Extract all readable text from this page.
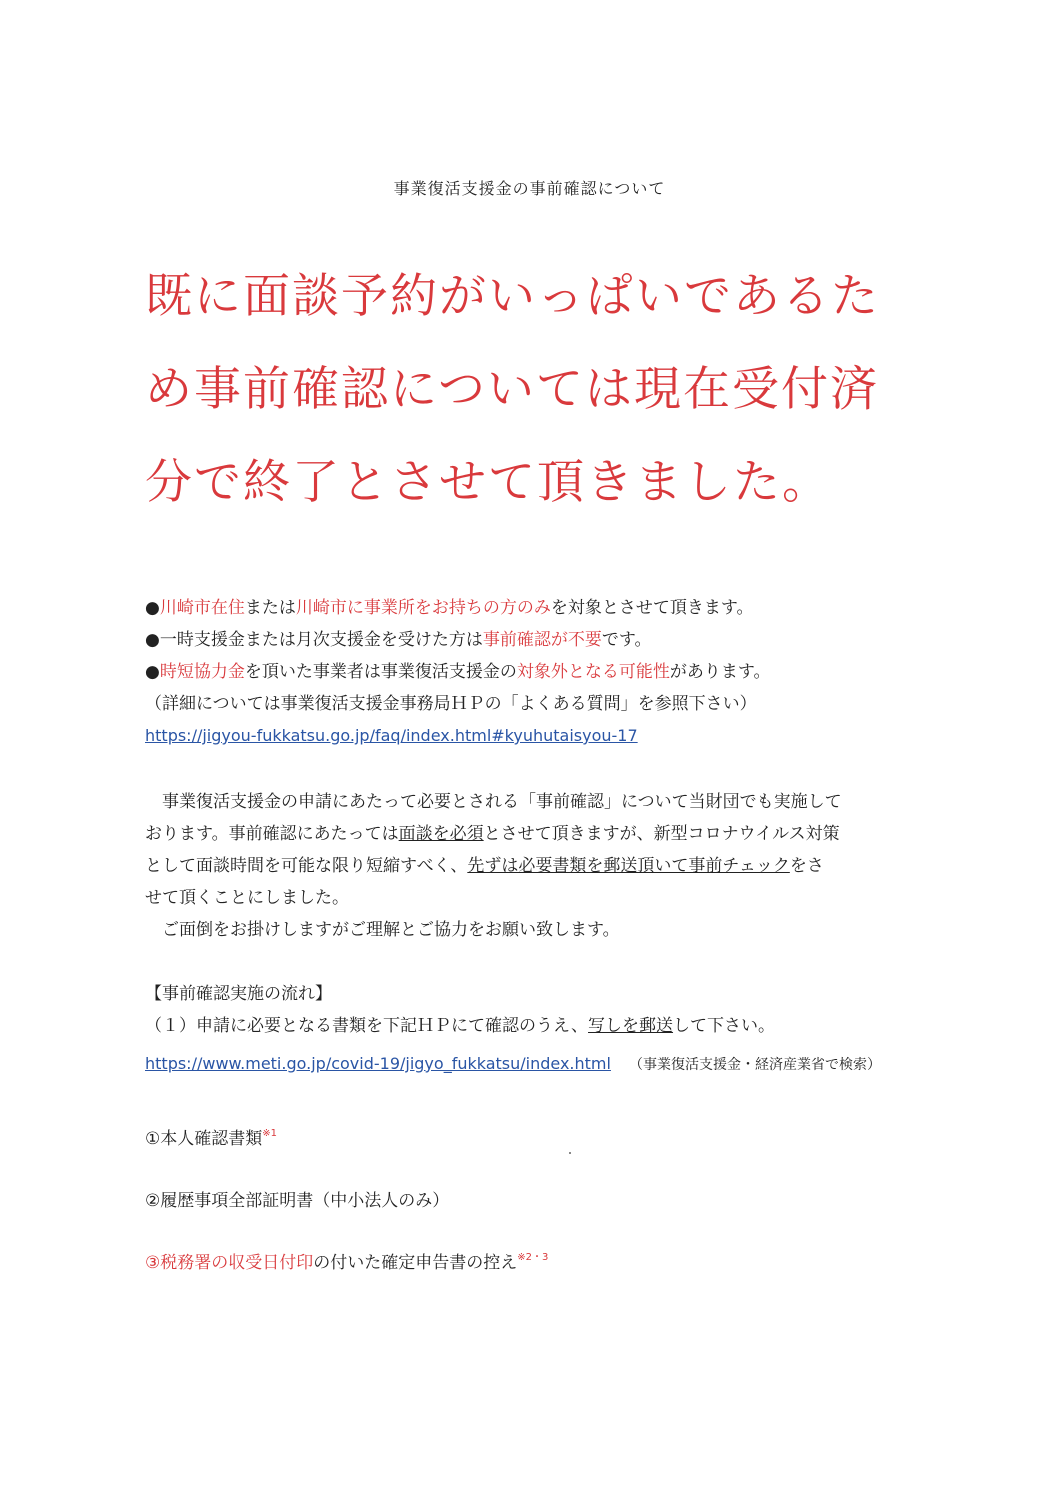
事業復活支援金の事前確認について
既に面談予約がいっぱいであるた
め事前確認については現在受付済
分で終了とさせて頂きました。
●川崎市在住または川崎市に事業所をお持ちの方のみを対象とさせて頂きます。
●一時支援金または月次支援金を受けた方は事前確認が不要です。
●時短協力金を頂いた事業者は事業復活支援金の対象外となる可能性があります。
（詳細については事業復活支援金事務局ＨＰの「よくある質問」を参照下さい）
https://jigyou-fukkatsu.go.jp/faq/index.html#kyuhutaisyou-17
　事業復活支援金の申請にあたって必要とされる「事前確認」について当財団でも実施して
おります。事前確認にあたっては面談を必須とさせて頂きますが、新型コロナウイルス対策
として面談時間を可能な限り短縮すべく、先ずは必要書類を郵送頂いて事前チェックをさ
せて頂くことにしました。
　ご面倒をお掛けしますがご理解とご協力をお願い致します。
【事前確認実施の流れ】
（１）申請に必要となる書類を下記ＨＰにて確認のうえ、写しを郵送して下さい。
https://www.meti.go.jp/covid-19/jigyo_fukkatsu/index.html （事業復活支援金・経済産業省で検索）
①本人確認書類$^{※1}$
②履歴事項全部証明書（中小法人のみ）
③税務署の収受日付印の付いた確定申告書の控え$^{※2・3}$
